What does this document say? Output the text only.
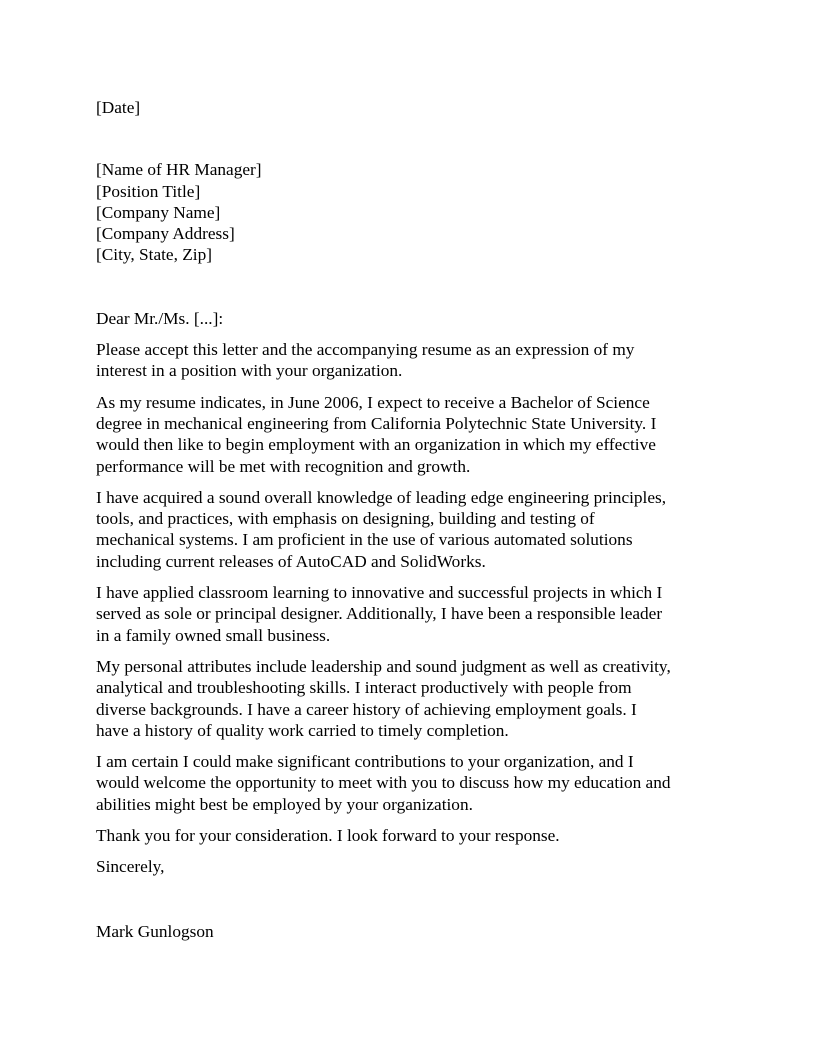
[Date]
[Name of HR Manager]
[Position Title]
[Company Name]
[Company Address]
[City, State, Zip]
Dear Mr./Ms. [...]:
Please accept this letter and the accompanying resume as an expression of my
interest in a position with your organization.
As my resume indicates, in June 2006, I expect to receive a Bachelor of Science
degree in mechanical engineering from California Polytechnic State University. I
would then like to begin employment with an organization in which my effective
performance will be met with recognition and growth.
I have acquired a sound overall knowledge of leading edge engineering principles,
tools, and practices, with emphasis on designing, building and testing of
mechanical systems. I am proficient in the use of various automated solutions
including current releases of AutoCAD and SolidWorks.
I have applied classroom learning to innovative and successful projects in which I
served as sole or principal designer. Additionally, I have been a responsible leader
in a family owned small business.
My personal attributes include leadership and sound judgment as well as creativity,
analytical and troubleshooting skills. I interact productively with people from
diverse backgrounds. I have a career history of achieving employment goals. I
have a history of quality work carried to timely completion.
I am certain I could make significant contributions to your organization, and I
would welcome the opportunity to meet with you to discuss how my education and
abilities might best be employed by your organization.
Thank you for your consideration. I look forward to your response.
Sincerely,
Mark Gunlogson
